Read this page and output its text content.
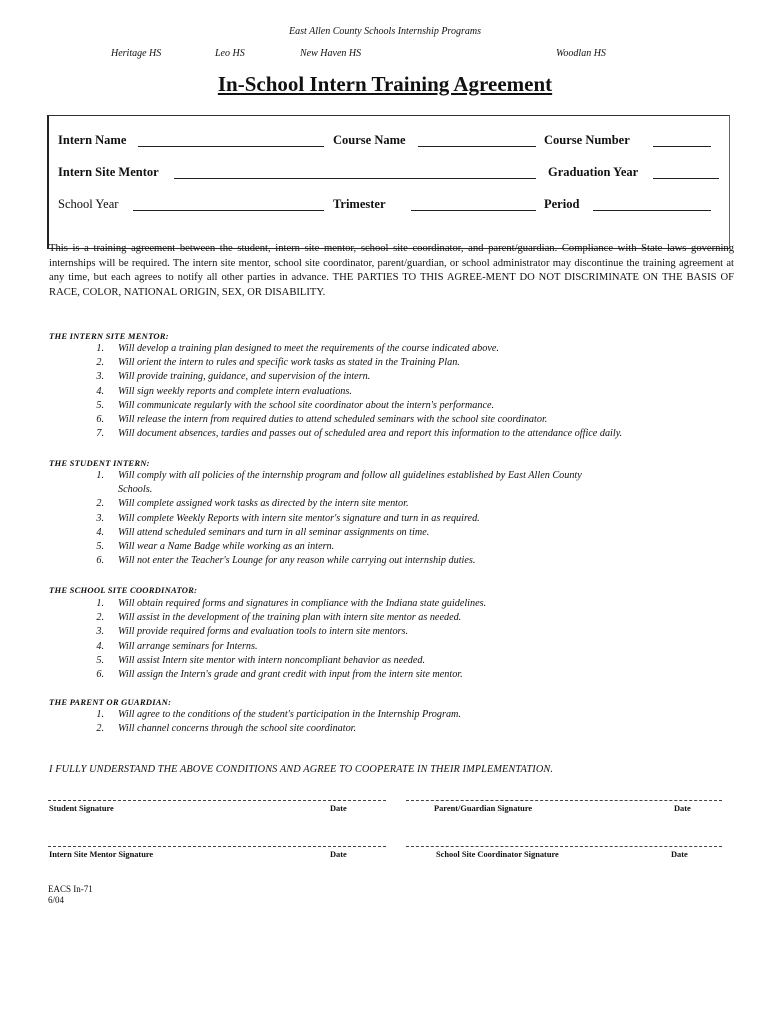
East Allen County Schools Internship Programs
Heritage HS	Leo HS	New Haven HS	Woodlan HS
In-School Intern Training Agreement
Intern Name	Course Name	Course Number
Intern Site Mentor	Graduation Year
School Year	Trimester	Period
This is a training agreement between the student, intern site mentor, school site coordinator, and parent/guardian. Compliance with State laws governing internships will be required. The intern site mentor, school site coordinator, parent/guardian, or school administrator may discontinue the training agreement at any time, but each agrees to notify all other parties in advance. THE PARTIES TO THIS AGREE-MENT DO NOT DISCRIMINATE ON THE BASIS OF RACE, COLOR, NATIONAL ORIGIN, SEX, OR DISABILITY.
THE INTERN SITE MENTOR:
1. Will develop a training plan designed to meet the requirements of the course indicated above.
2. Will orient the intern to rules and specific work tasks as stated in the Training Plan.
3. Will provide training, guidance, and supervision of the intern.
4. Will sign weekly reports and complete intern evaluations.
5. Will communicate regularly with the school site coordinator about the intern's performance.
6. Will release the intern from required duties to attend scheduled seminars with the school site coordinator.
7. Will document absences, tardies and passes out of scheduled area and report this information to the attendance office daily.
THE STUDENT INTERN:
1. Will comply with all policies of the internship program and follow all guidelines established by East Allen County
Schools.
2. Will complete assigned work tasks as directed by the intern site mentor.
3. Will complete Weekly Reports with intern site mentor's signature and turn in as required.
4. Will attend scheduled seminars and turn in all seminar assignments on time.
5. Will wear a Name Badge while working as an intern.
6. Will not enter the Teacher's Lounge for any reason while carrying out internship duties.
THE SCHOOL SITE COORDINATOR:
1. Will obtain required forms and signatures in compliance with the Indiana state guidelines.
2. Will assist in the development of the training plan with intern site mentor as needed.
3. Will provide required forms and evaluation tools to intern site mentors.
4. Will arrange seminars for Interns.
5. Will assist Intern site mentor with intern noncompliant behavior as needed.
6. Will assign the Intern's grade and grant credit with input from the intern site mentor.
THE PARENT OR GUARDIAN:
1. Will agree to the conditions of the student's participation in the Internship Program.
2. Will channel concerns through the school site coordinator.
I FULLY UNDERSTAND THE ABOVE CONDITIONS AND AGREE TO COOPERATE IN THEIR IMPLEMENTATION.
Student Signature	Date	Parent/Guardian Signature	Date
Intern Site Mentor Signature	Date	School Site Coordinator Signature	Date
EACS In-71
6/04
